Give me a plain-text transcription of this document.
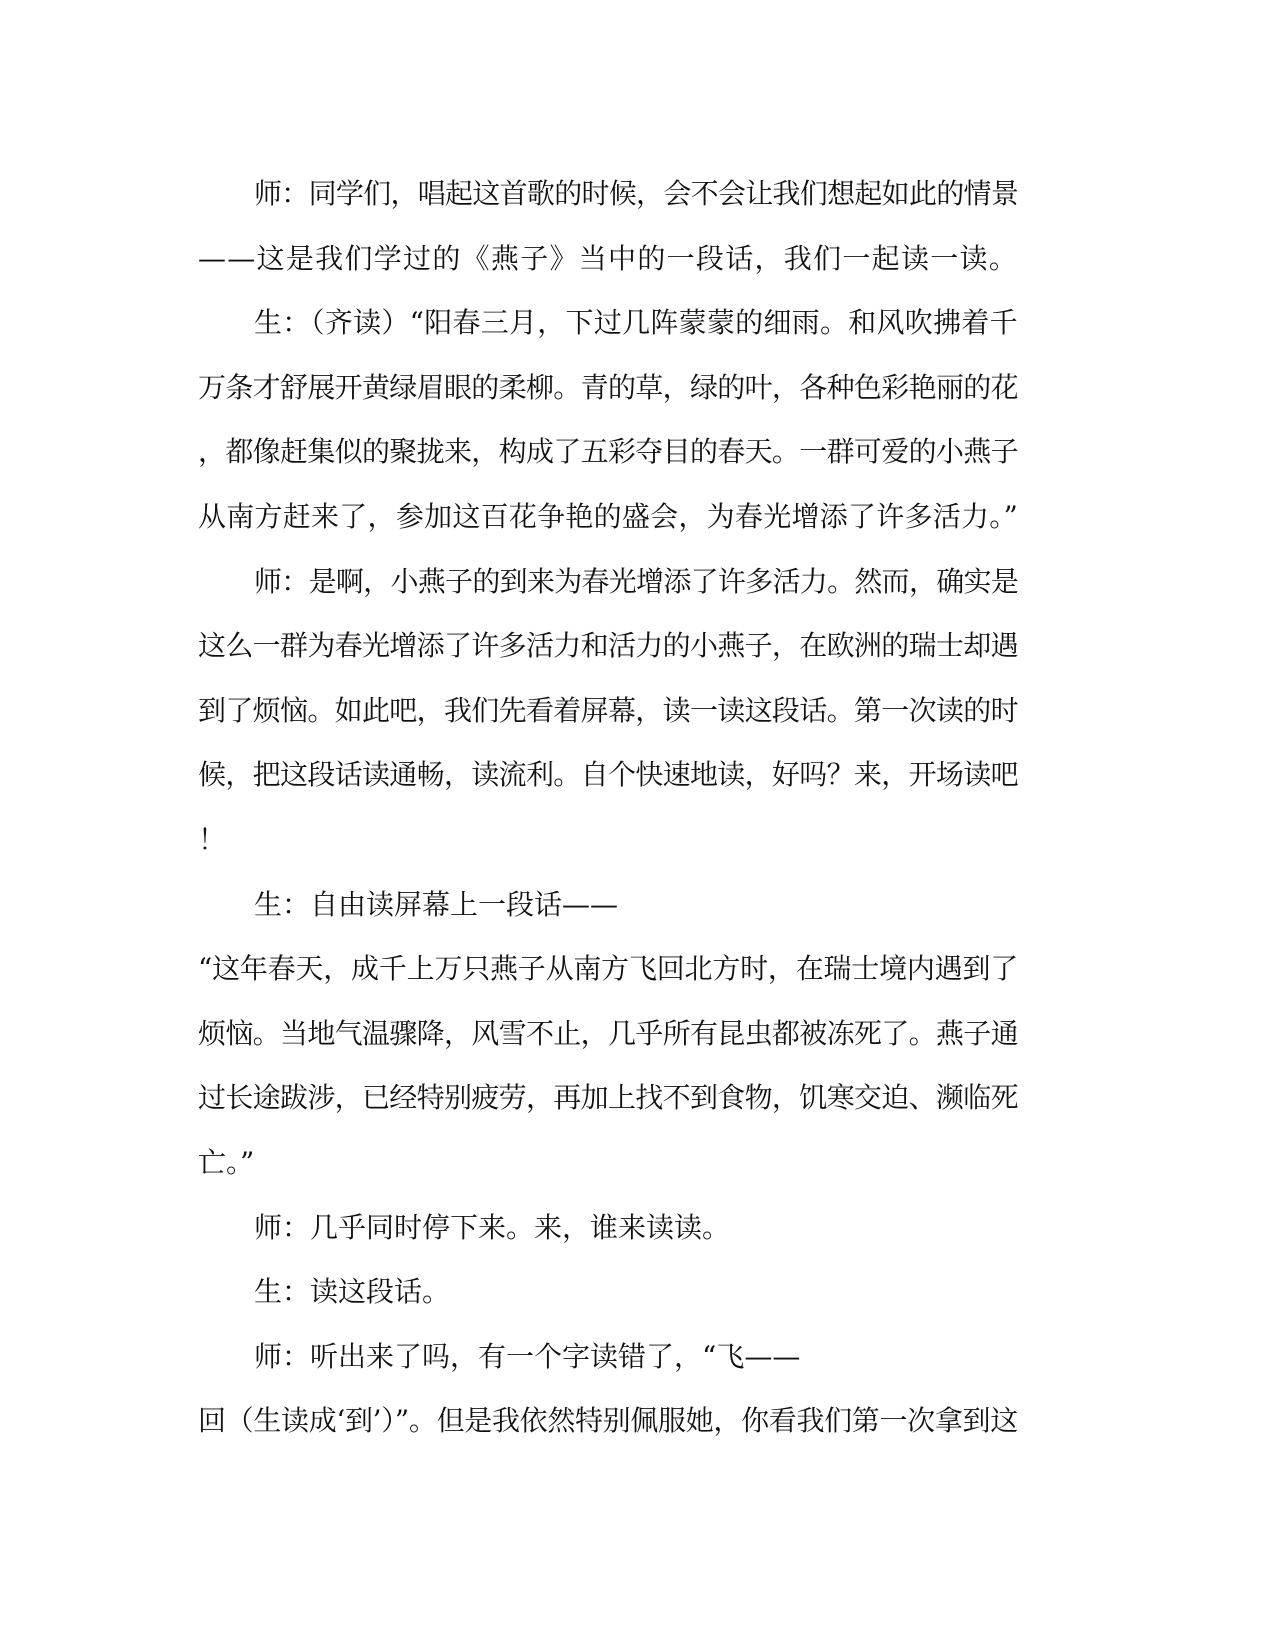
师：同学们，唱起这首歌的时候，会不会让我们想起如此的情景
——这是我们学过的《燕子》当中的一段话，我们一起读一读。
生：（齐读）“阳春三月，下过几阵蒙蒙的细雨。和风吹拂着千
万条才舒展开黄绿眉眼的柔柳。青的草，绿的叶，各种色彩艳丽的花
，都像赶集似的聚拢来，构成了五彩夺目的春天。一群可爱的小燕子
从南方赶来了，参加这百花争艳的盛会，为春光增添了许多活力。”
师：是啊，小燕子的到来为春光增添了许多活力。然而，确实是
这么一群为春光增添了许多活力和活力的小燕子，在欧洲的瑞士却遇
到了烦恼。如此吧，我们先看着屏幕，读一读这段话。第一次读的时
候，把这段话读通畅，读流利。自个快速地读，好吗？来，开场读吧
！
生：自由读屏幕上一段话——
“这年春天，成千上万只燕子从南方飞回北方时，在瑞士境内遇到了
烦恼。当地气温骤降，风雪不止，几乎所有昆虫都被冻死了。燕子通
过长途跋涉，已经特别疲劳，再加上找不到食物，饥寒交迫、濒临死
亡。”
师：几乎同时停下来。来，谁来读读。
生：读这段话。
师：听出来了吗，有一个字读错了，“飞——
回（生读成‘到’）”。但是我依然特别佩服她，你看我们第一次拿到这
